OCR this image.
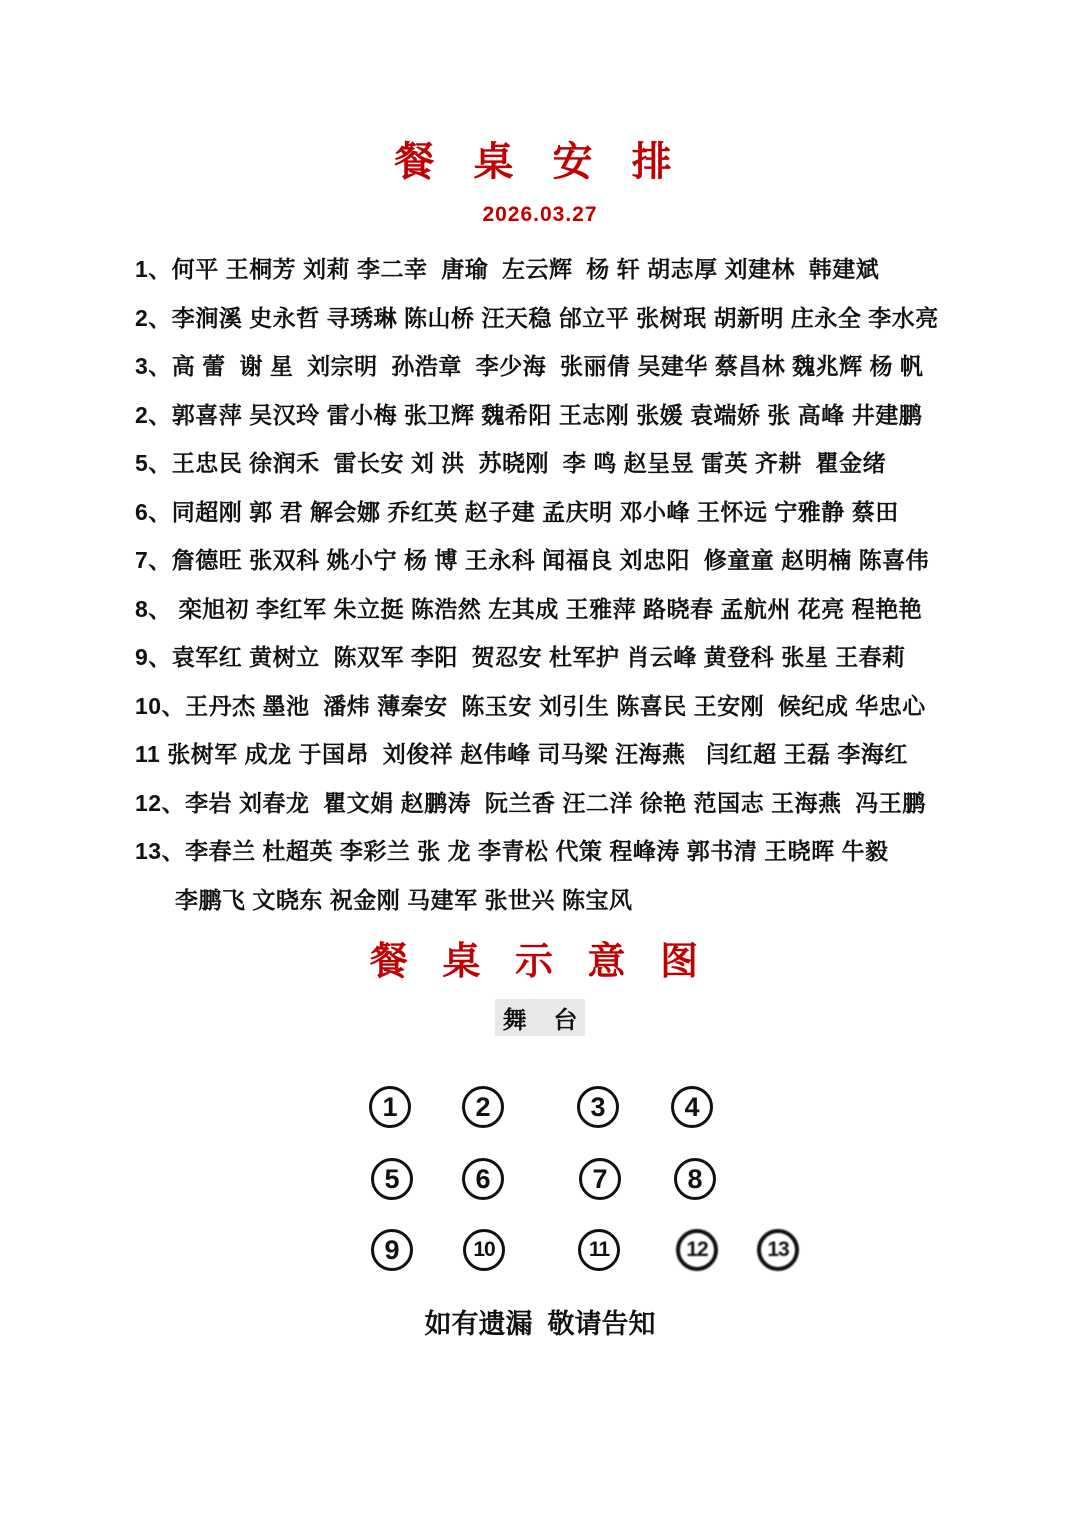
餐 桌 安 排
2026.03.27
1、何平 王桐芳 刘莉 李二幸  唐瑜  左云辉  杨 轩 胡志厚 刘建林  韩建斌
2、李涧溪 史永哲 寻琇琳 陈山桥 汪天稳 邰立平 张树珉 胡新明 庄永全 李水亮
3、高 蕾  谢 星  刘宗明  孙浩章  李少海  张丽倩 吴建华 蔡昌林 魏兆辉 杨 帆
2、郭喜萍 吴汉玲 雷小梅 张卫辉 魏希阳 王志刚 张媛 袁端娇 张 高峰 井建鹏
5、王忠民 徐润禾  雷长安 刘 洪  苏晓刚  李 鸣 赵呈昱 雷英 齐耕  瞿金绪
6、同超刚 郭 君 解会娜 乔红英 赵子建 孟庆明 邓小峰 王怀远 宁雅静 蔡田
7、詹德旺 张双科 姚小宁 杨 博 王永科 闻福良 刘忠阳  修童童 赵明楠 陈喜伟
8、 栾旭初 李红军 朱立挺 陈浩然 左其成 王雅萍 路晓春 孟航州 花亮 程艳艳
9、袁军红 黄树立  陈双军 李阳  贺忍安 杜军护 肖云峰 黄登科 张星 王春莉
10、王丹杰 墨池  潘炜 薄秦安  陈玉安 刘引生 陈喜民 王安刚  候纪成 华忠心
11 张树军 成龙 于国昂  刘俊祥 赵伟峰 司马梁 汪海燕   闫红超 王磊 李海红
12、李岩 刘春龙  瞿文娟 赵鹏涛  阮兰香 汪二洋 徐艳 范国志 王海燕  冯王鹏
13、李春兰 杜超英 李彩兰 张 龙 李青松 代策 程峰涛 郭书清 王晓晖 牛毅
李鹏飞 文晓东 祝金刚 马建军 张世兴 陈宝风
餐 桌 示 意 图
舞    台
1	2	3	4
5	6	7	8
9	10	11	12	13
如有遗漏  敬请告知
